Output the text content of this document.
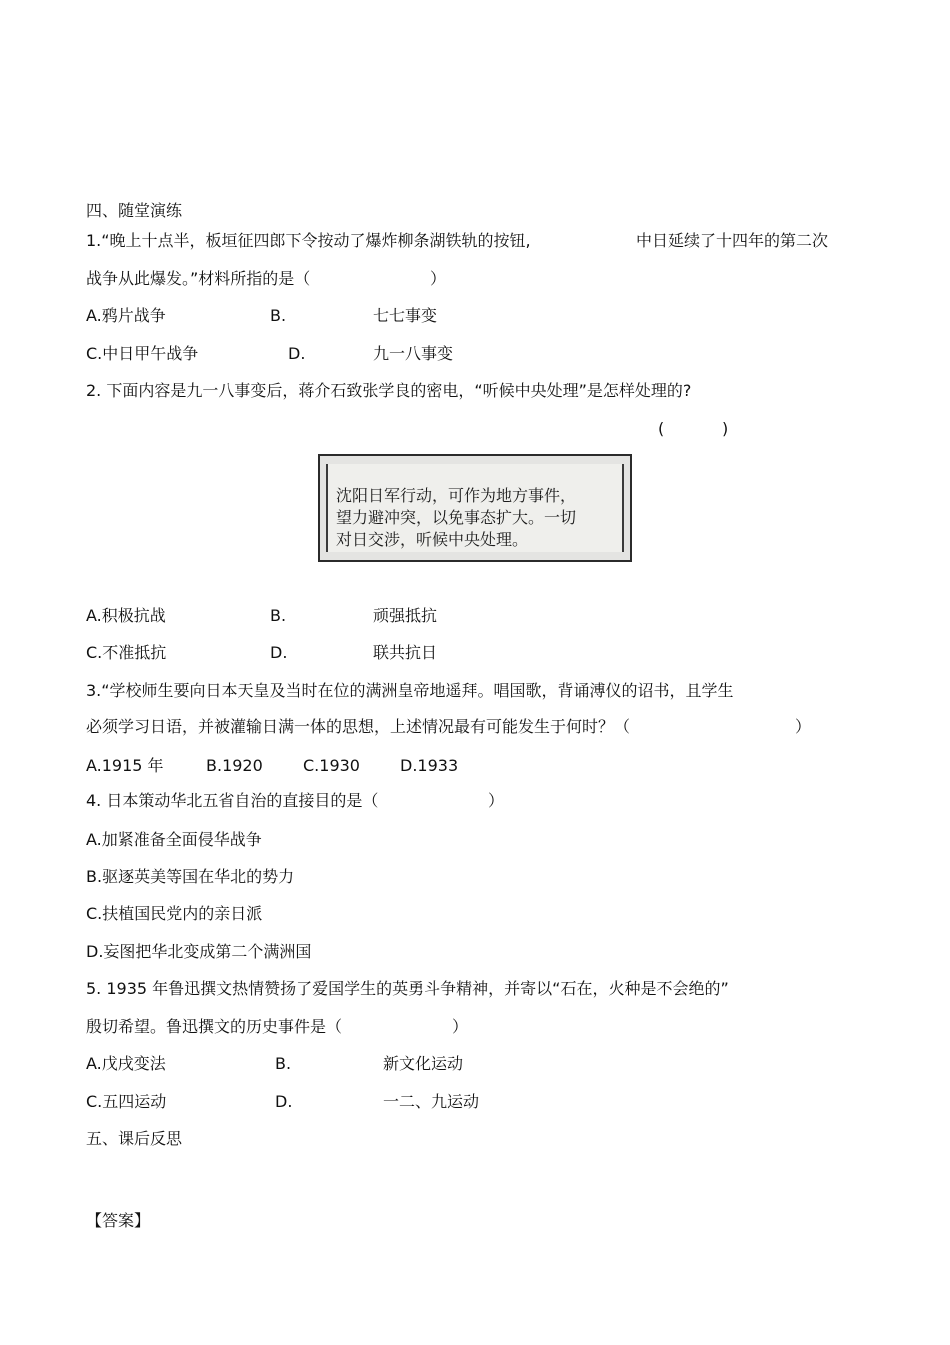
四、随堂演练
1.“晚上十点半，板垣征四郎下令按动了爆炸柳条湖铁轨的按钮,	中日延续了十四年的第二次
战争从此爆发。”材料所指的是（	）
A.鸦片战争	B.	七七事变
C.中日甲午战争	D.	九一八事变
2. 下面内容是九一八事变后，蒋介石致张学良的密电，“听候中央处理”是怎样处理的?
(	)
沈阳日军行动，可作为地方事件，
望力避冲突，以免事态扩大。一切
对日交涉，听候中央处理。
A.积极抗战	B.	顽强抵抗
C.不准抵抗	D.	联共抗日
3.“学校师生要向日本天皇及当时在位的满洲皇帝地遥拜。唱国歌，背诵溥仪的诏书，且学生
必须学习日语，并被灌输日满一体的思想，上述情况最有可能发生于何时？（	）
A.1915 年	B.1920	C.1930	D.1933
4. 日本策动华北五省自治的直接目的是（	）
A.加紧准备全面侵华战争
B.驱逐英美等国在华北的势力
C.扶植国民党内的亲日派
D.妄图把华北变成第二个满洲国
5. 1935 年鲁迅撰文热情赞扬了爱国学生的英勇斗争精神，并寄以“石在，火种是不会绝的”
殷切希望。鲁迅撰文的历史事件是（	）
A.戊戌变法	B.	新文化运动
C.五四运动	D.	一二、九运动
五、课后反思
【答案】
